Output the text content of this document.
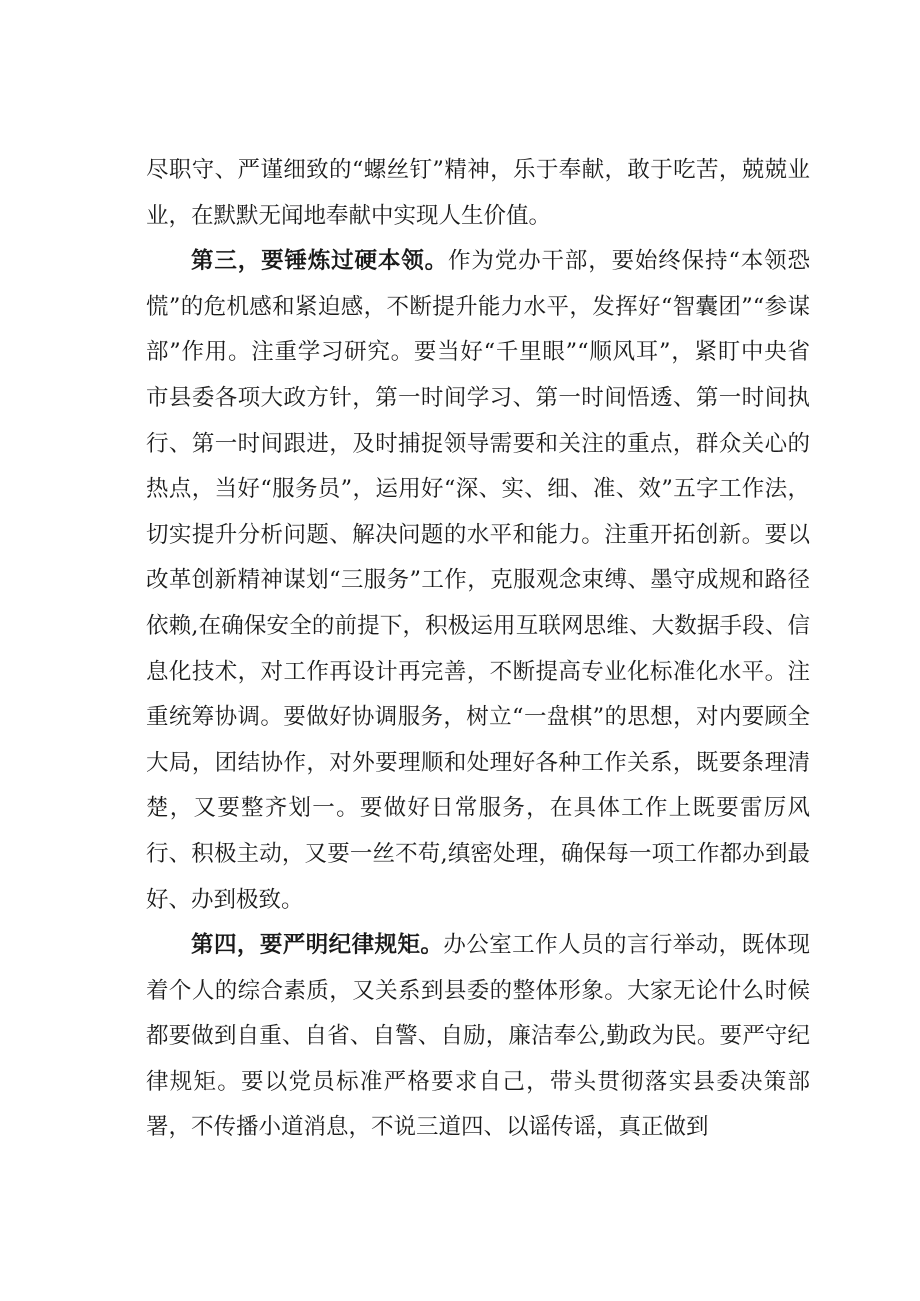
尽职守、严谨细致的“螺丝钉”精神，乐于奉献，敢于吃苦，兢兢业业，在默默无闻地奉献中实现人生价值。

第三，要锤炼过硬本领。作为党办干部，要始终保持“本领恐慌”的危机感和紧迫感，不断提升能力水平，发挥好“智囊团”“参谋部”作用。注重学习研究。要当好“千里眼”“顺风耳”，紧盯中央省市县委各项大政方针，第一时间学习、第一时间悟透、第一时间执行、第一时间跟进，及时捕捉领导需要和关注的重点，群众关心的热点，当好“服务员”，运用好“深、实、细、准、效”五字工作法，切实提升分析问题、解决问题的水平和能力。注重开拓创新。要以改革创新精神谋划“三服务”工作，克服观念束缚、墨守成规和路径依赖,在确保安全的前提下，积极运用互联网思维、大数据手段、信息化技术，对工作再设计再完善，不断提高专业化标准化水平。注重统筹协调。要做好协调服务，树立“一盘棋”的思想，对内要顾全大局，团结协作，对外要理顺和处理好各种工作关系，既要条理清楚，又要整齐划一。要做好日常服务，在具体工作上既要雷厉风行、积极主动，又要一丝不苟,缜密处理，确保每一项工作都办到最好、办到极致。

第四，要严明纪律规矩。办公室工作人员的言行举动，既体现着个人的综合素质，又关系到县委的整体形象。大家无论什么时候都要做到自重、自省、自警、自励，廉洁奉公,勤政为民。要严守纪律规矩。要以党员标准严格要求自己，带头贯彻落实县委决策部署，不传播小道消息，不说三道四、以谣传谣，真正做到
